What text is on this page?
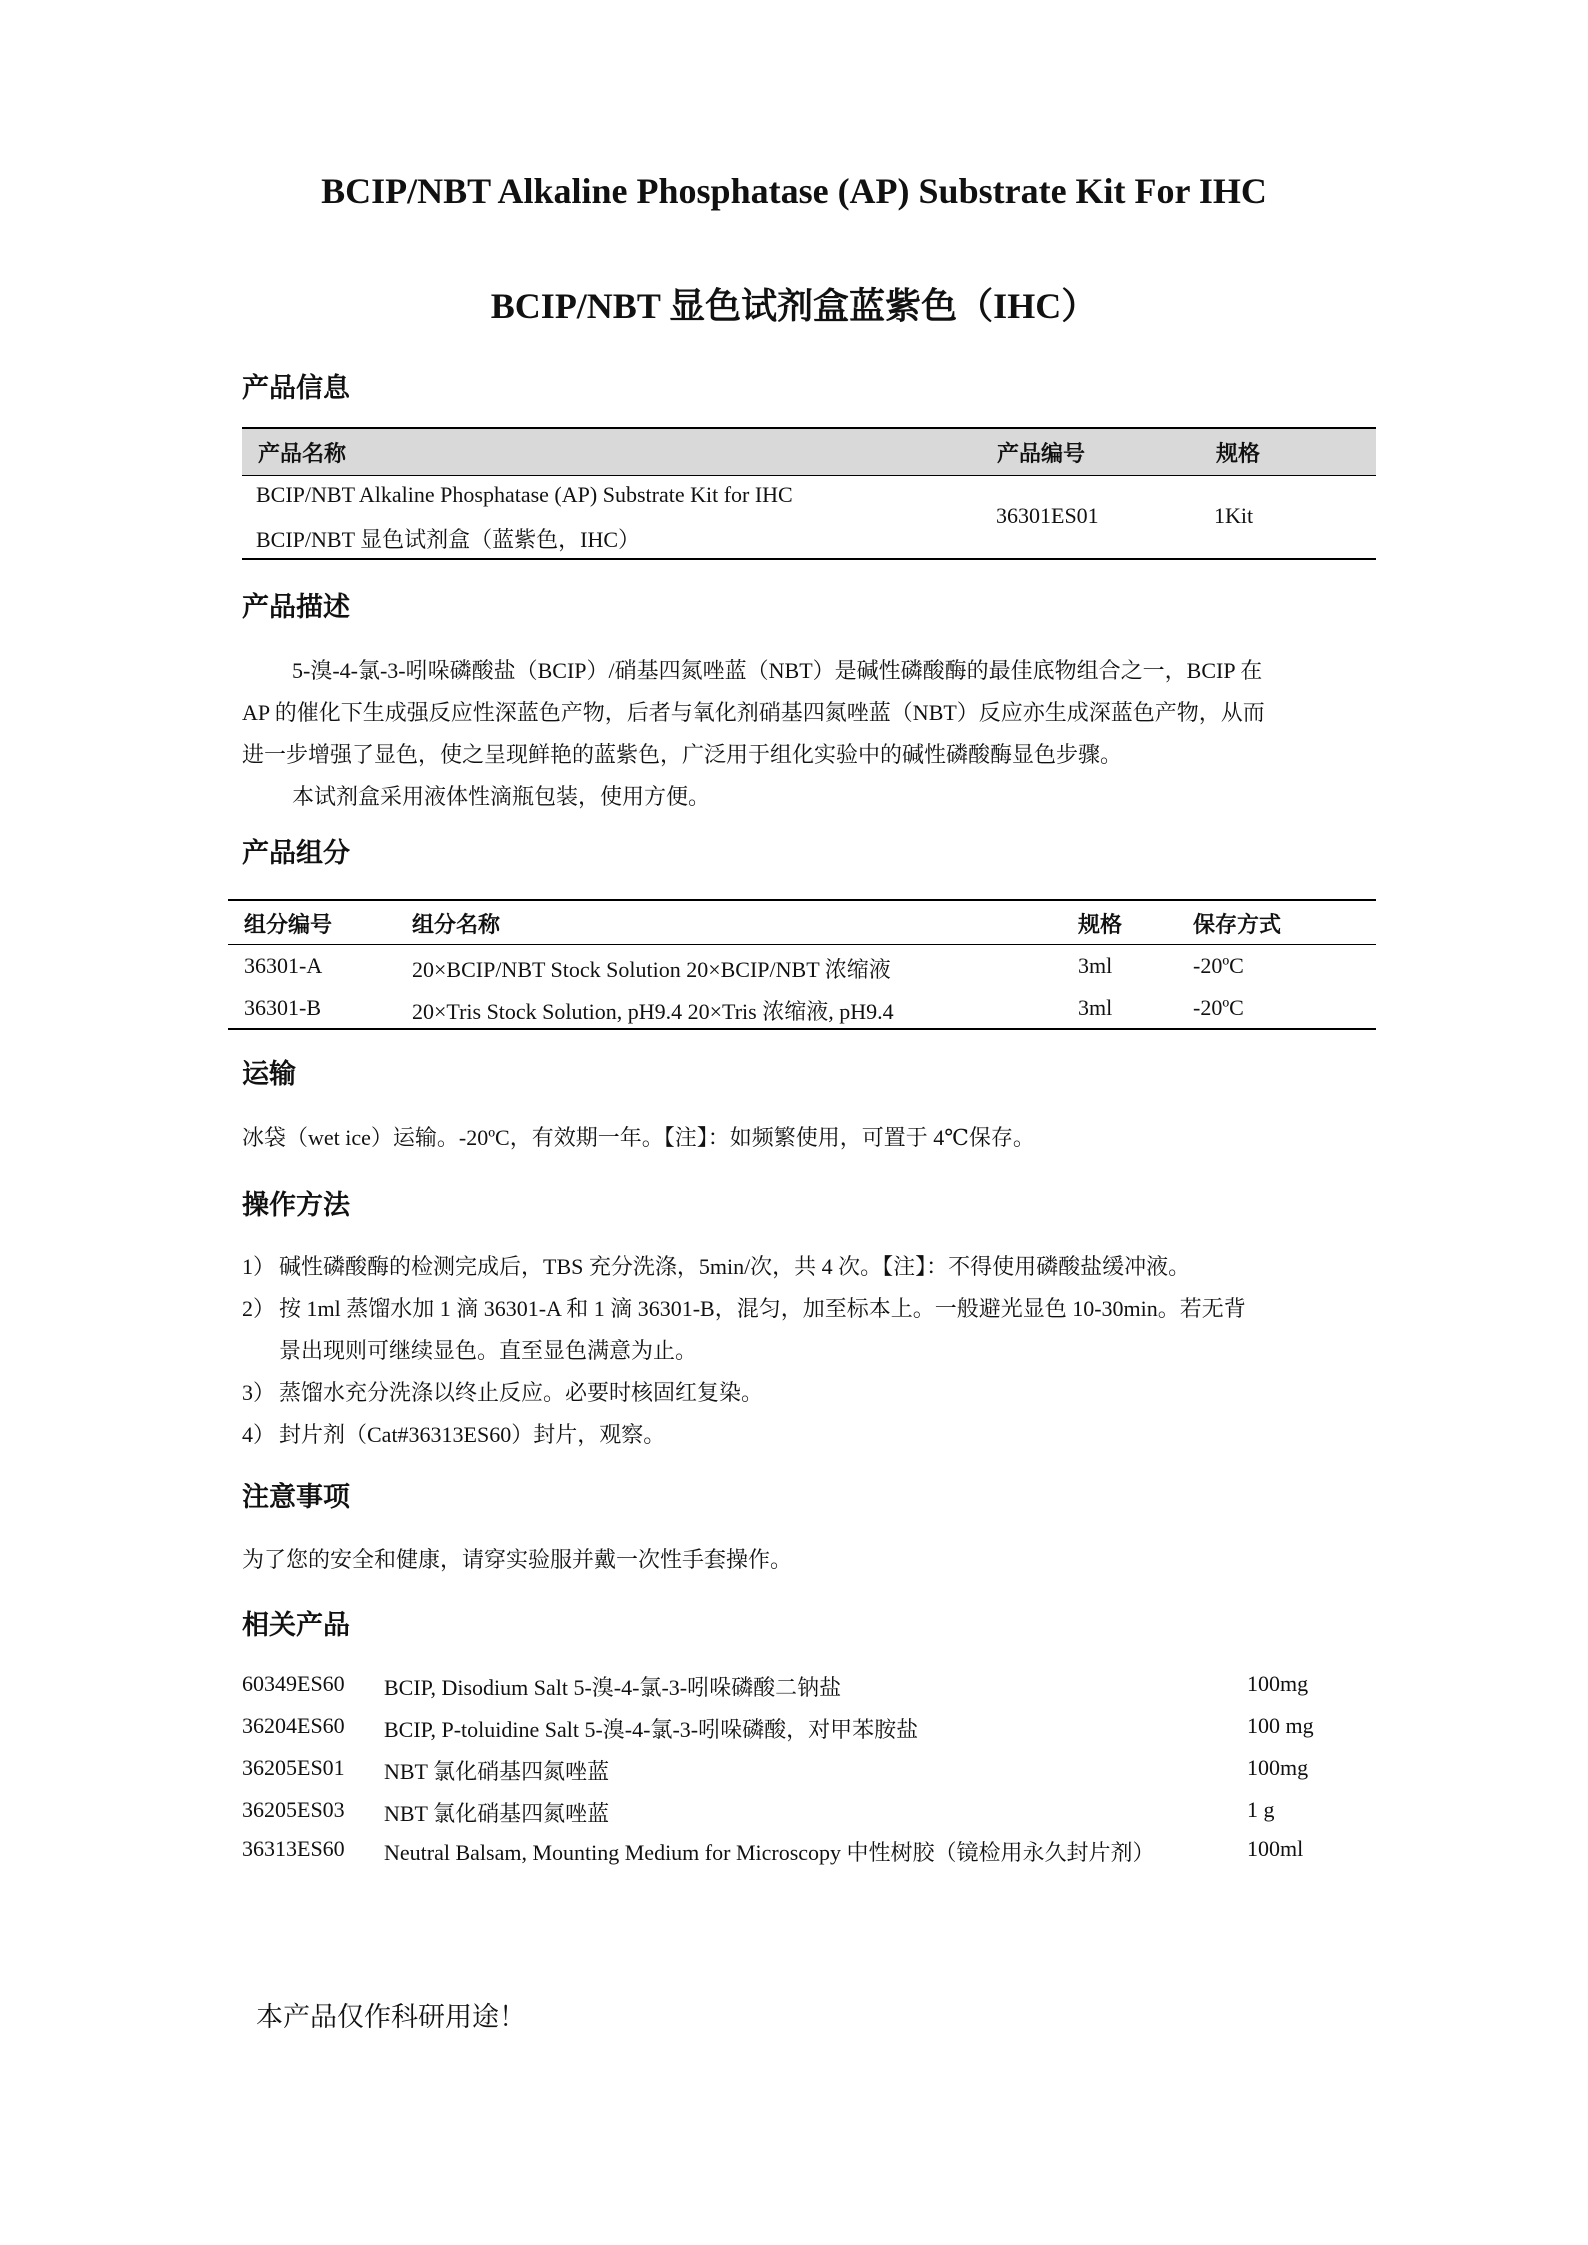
BCIP/NBT Alkaline Phosphatase (AP) Substrate Kit For IHC
BCIP/NBT 显色试剂盒蓝紫色（IHC）
产品信息
产品名称	产品编号	规格
BCIP/NBT Alkaline Phosphatase (AP) Substrate Kit for IHC
BCIP/NBT 显色试剂盒（蓝紫色，IHC）
36301ES01	1Kit
产品描述
5-溴-4-氯-3-吲哚磷酸盐（BCIP）/硝基四氮唑蓝（NBT）是碱性磷酸酶的最佳底物组合之一，BCIP 在
AP 的催化下生成强反应性深蓝色产物，后者与氧化剂硝基四氮唑蓝（NBT）反应亦生成深蓝色产物，从而
进一步增强了显色，使之呈现鲜艳的蓝紫色，广泛用于组化实验中的碱性磷酸酶显色步骤。
本试剂盒采用液体性滴瓶包装，使用方便。
产品组分
组分编号	组分名称	规格	保存方式
36301-A	20×BCIP/NBT Stock Solution 20×BCIP/NBT 浓缩液	3ml	-20ºC
36301-B	20×Tris Stock Solution, pH9.4 20×Tris 浓缩液, pH9.4	3ml	-20ºC
运输
冰袋（wet ice）运输。-20ºC，有效期一年。【注】：如频繁使用，可置于 4℃保存。
操作方法
1） 碱性磷酸酶的检测完成后，TBS 充分洗涤，5min/次，共 4 次。【注】：不得使用磷酸盐缓冲液。
2） 按 1ml 蒸馏水加 1 滴 36301-A 和 1 滴 36301-B，混匀，加至标本上。一般避光显色 10-30min。若无背
景出现则可继续显色。直至显色满意为止。
3） 蒸馏水充分洗涤以终止反应。必要时核固红复染。
4） 封片剂（Cat#36313ES60）封片，观察。
注意事项
为了您的安全和健康，请穿实验服并戴一次性手套操作。
相关产品
60349ES60 BCIP, Disodium Salt 5-溴-4-氯-3-吲哚磷酸二钠盐	100mg
36204ES60 BCIP, P-toluidine Salt 5-溴-4-氯-3-吲哚磷酸，对甲苯胺盐	100 mg
36205ES01 NBT 氯化硝基四氮唑蓝	100mg
36205ES03 NBT 氯化硝基四氮唑蓝	1 g
36313ES60 Neutral Balsam, Mounting Medium for Microscopy 中性树胶（镜检用永久封片剂）	100ml
本产品仅作科研用途！
